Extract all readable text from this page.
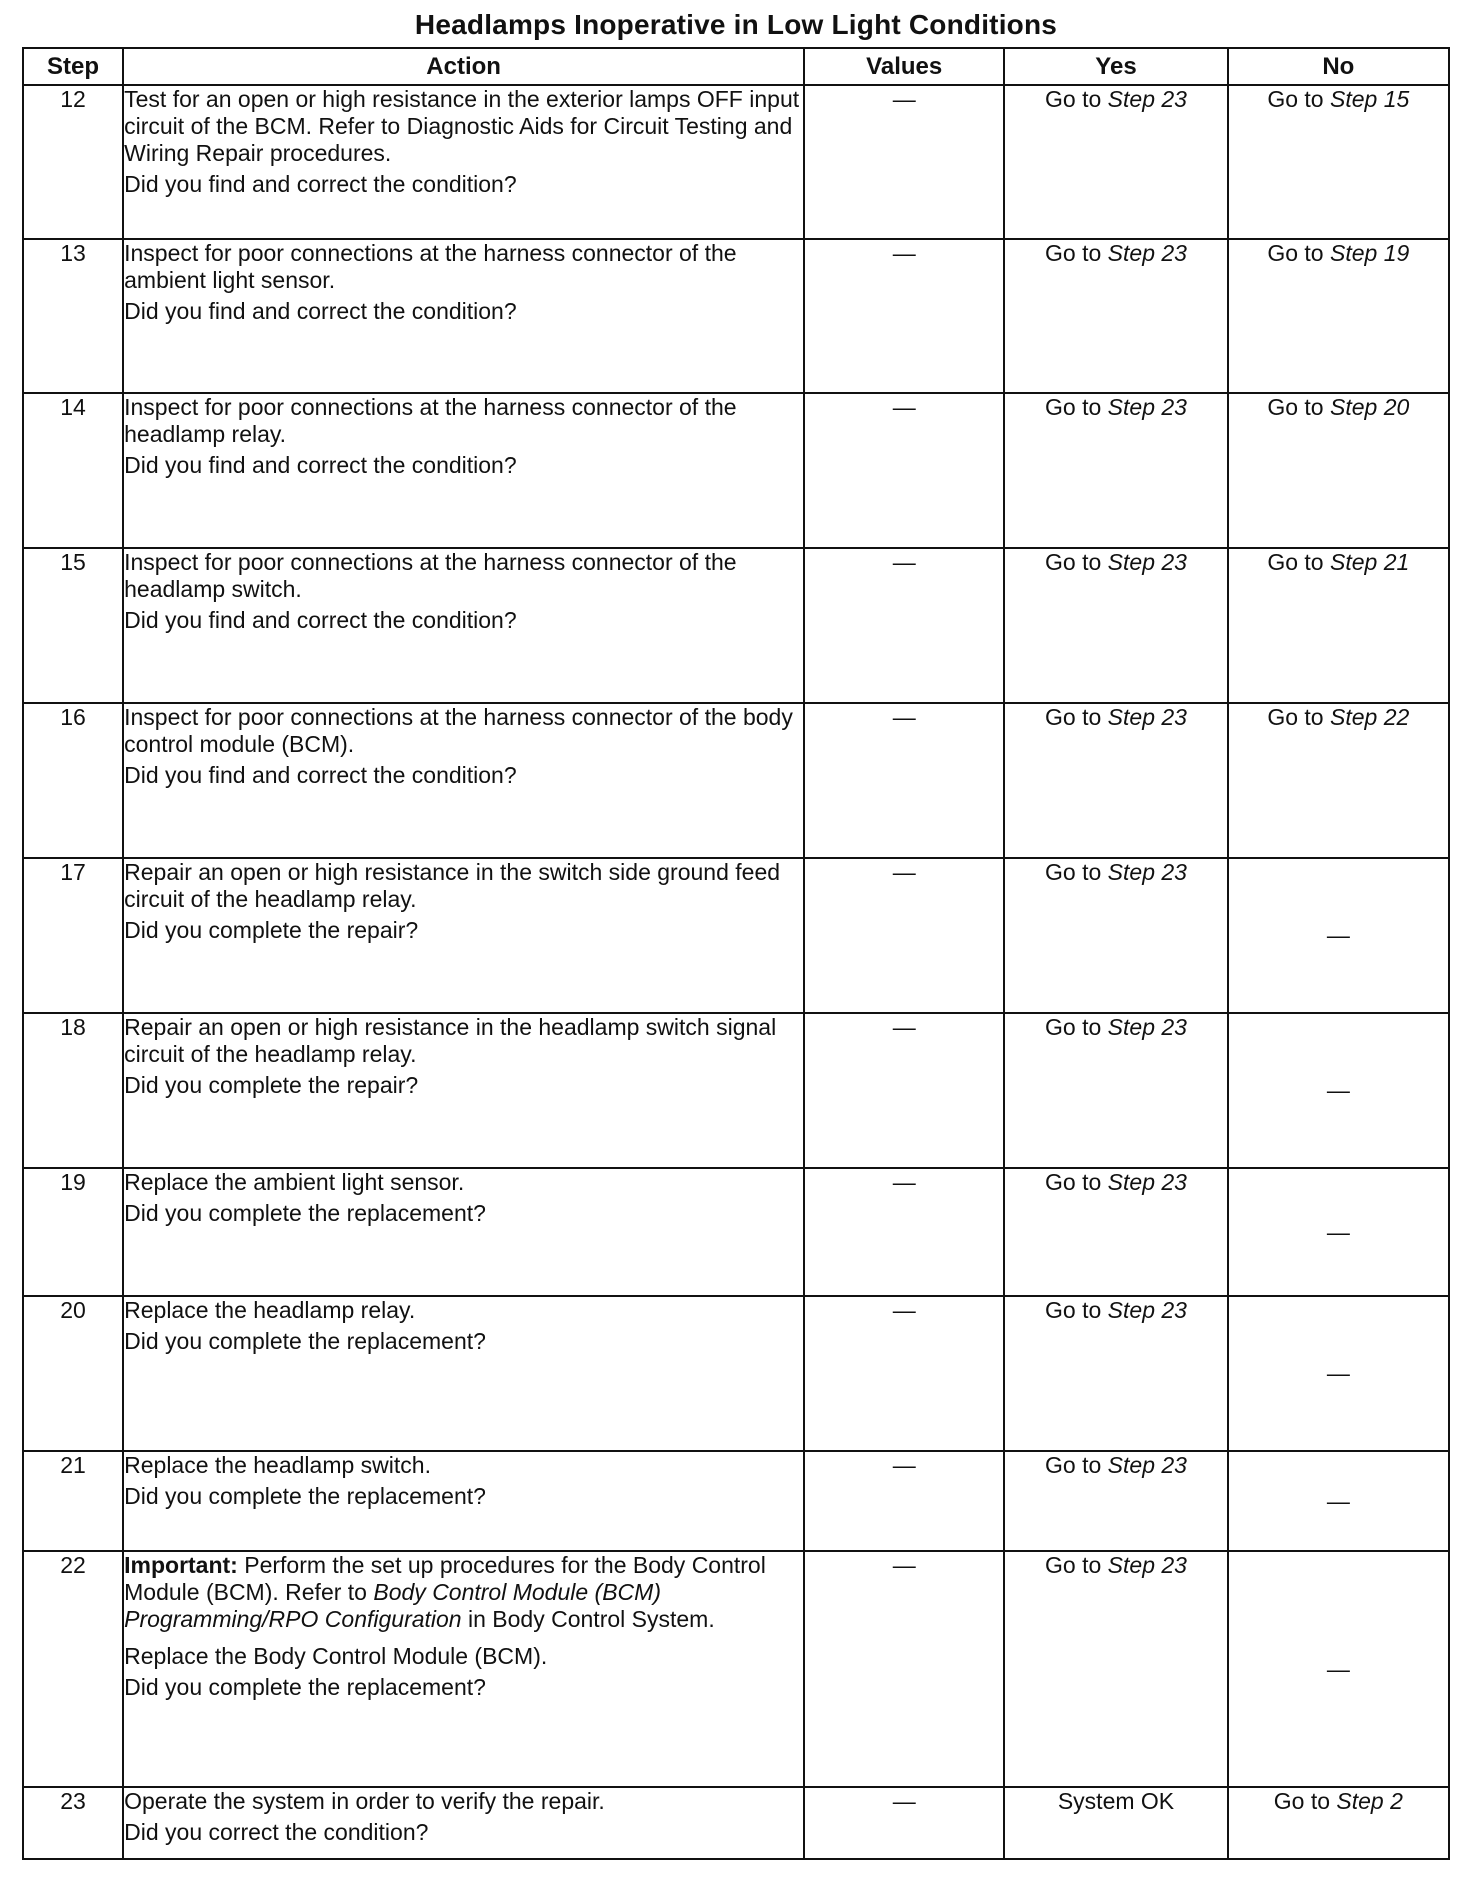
Headlamps Inoperative in Low Light Conditions
Step	Action	Values	Yes	No
12	Test for an open or high resistance in the exterior lamps OFF input circuit of the BCM. Refer to Diagnostic Aids for Circuit Testing and Wiring Repair procedures.
Did you find and correct the condition?	—	Go to Step 23	Go to Step 15
13	Inspect for poor connections at the harness connector of the ambient light sensor.
Did you find and correct the condition?	—	Go to Step 23	Go to Step 19
14	Inspect for poor connections at the harness connector of the headlamp relay.
Did you find and correct the condition?	—	Go to Step 23	Go to Step 20
15	Inspect for poor connections at the harness connector of the headlamp switch.
Did you find and correct the condition?	—	Go to Step 23	Go to Step 21
16	Inspect for poor connections at the harness connector of the body control module (BCM).
Did you find and correct the condition?	—	Go to Step 23	Go to Step 22
17	Repair an open or high resistance in the switch side ground feed circuit of the headlamp relay.
Did you complete the repair?	—	Go to Step 23	—
18	Repair an open or high resistance in the headlamp switch signal circuit of the headlamp relay.
Did you complete the repair?	—	Go to Step 23	—
19	Replace the ambient light sensor.
Did you complete the replacement?	—	Go to Step 23	—
20	Replace the headlamp relay.
Did you complete the replacement?	—	Go to Step 23	—
21	Replace the headlamp switch.
Did you complete the replacement?	—	Go to Step 23	—
22	Important: Perform the set up procedures for the Body Control Module (BCM). Refer to Body Control Module (BCM) Programming/RPO Configuration in Body Control System.
Replace the Body Control Module (BCM).
Did you complete the replacement?	—	Go to Step 23	—
23	Operate the system in order to verify the repair.
Did you correct the condition?	—	System OK	Go to Step 2
